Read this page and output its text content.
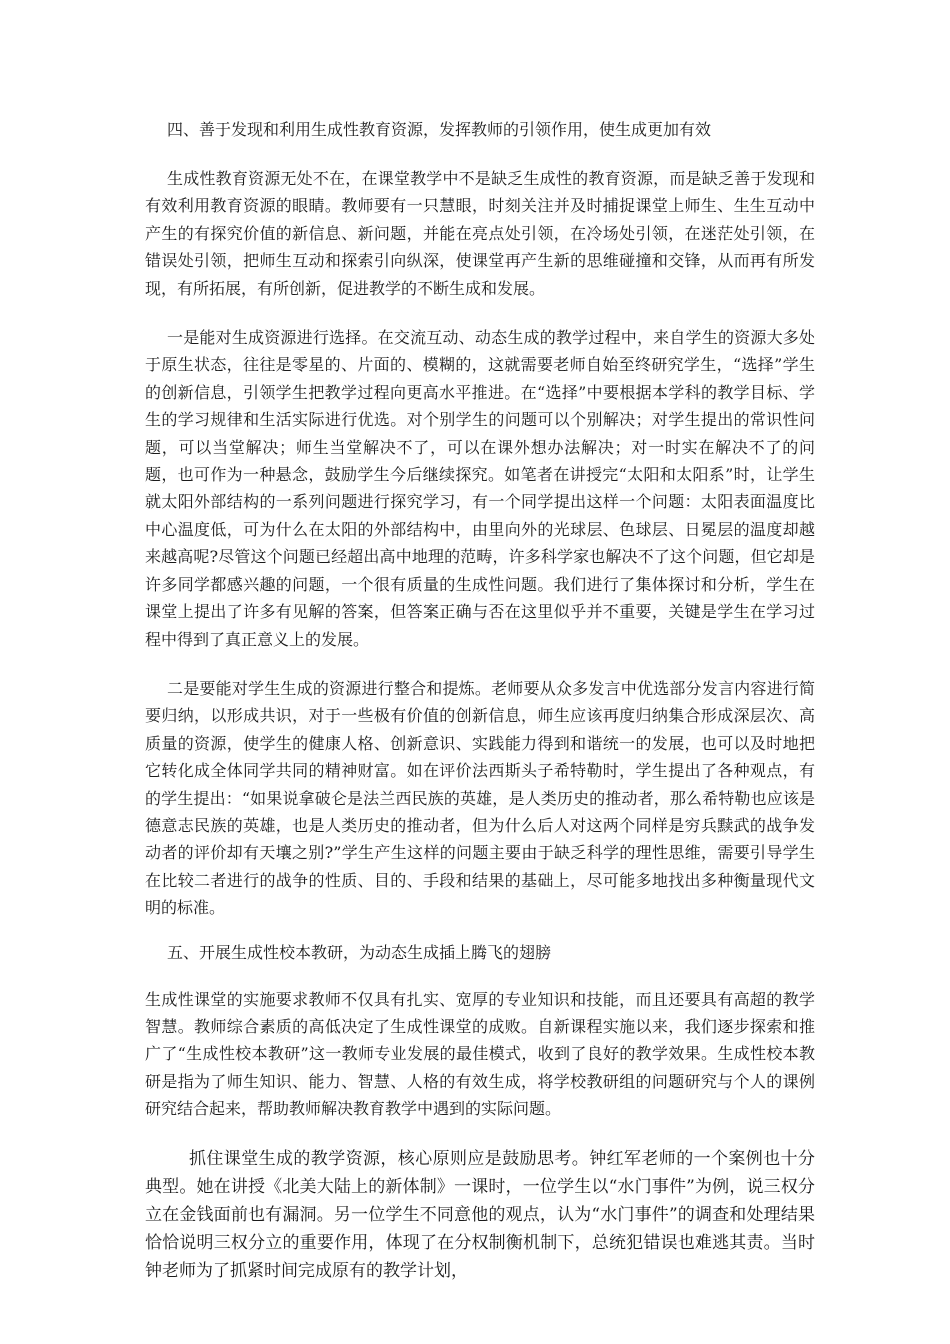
四、善于发现和利用生成性教育资源，发挥教师的引领作用，使生成更加有效

生成性教育资源无处不在，在课堂教学中不是缺乏生成性的教育资源，而是缺乏善于发现和有效利用教育资源的眼睛。教师要有一只慧眼，时刻关注并及时捕捉课堂上师生、生生互动中产生的有探究价值的新信息、新问题，并能在亮点处引领，在冷场处引领，在迷茫处引领，在错误处引领，把师生互动和探索引向纵深，使课堂再产生新的思维碰撞和交锋，从而再有所发现，有所拓展，有所创新，促进教学的不断生成和发展。

一是能对生成资源进行选择。在交流互动、动态生成的教学过程中，来自学生的资源大多处于原生状态，往往是零星的、片面的、模糊的，这就需要老师自始至终研究学生，“选择”学生的创新信息，引领学生把教学过程向更高水平推进。在“选择”中要根据本学科的教学目标、学生的学习规律和生活实际进行优选。对个别学生的问题可以个别解决；对学生提出的常识性问题，可以当堂解决；师生当堂解决不了，可以在课外想办法解决；对一时实在解决不了的问题，也可作为一种悬念，鼓励学生今后继续探究。如笔者在讲授完“太阳和太阳系”时，让学生就太阳外部结构的一系列问题进行探究学习，有一个同学提出这样一个问题：太阳表面温度比中心温度低，可为什么在太阳的外部结构中，由里向外的光球层、色球层、日冕层的温度却越来越高呢?尽管这个问题已经超出高中地理的范畴，许多科学家也解决不了这个问题，但它却是许多同学都感兴趣的问题，一个很有质量的生成性问题。我们进行了集体探讨和分析，学生在课堂上提出了许多有见解的答案，但答案正确与否在这里似乎并不重要，关键是学生在学习过程中得到了真正意义上的发展。

二是要能对学生生成的资源进行整合和提炼。老师要从众多发言中优选部分发言内容进行简要归纳，以形成共识，对于一些极有价值的创新信息，师生应该再度归纳集合形成深层次、高质量的资源，使学生的健康人格、创新意识、实践能力得到和谐统一的发展，也可以及时地把它转化成全体同学共同的精神财富。如在评价法西斯头子希特勒时，学生提出了各种观点，有的学生提出：“如果说拿破仑是法兰西民族的英雄，是人类历史的推动者，那么希特勒也应该是德意志民族的英雄，也是人类历史的推动者，但为什么后人对这两个同样是穷兵黩武的战争发动者的评价却有天壤之别?”学生产生这样的问题主要由于缺乏科学的理性思维，需要引导学生在比较二者进行的战争的性质、目的、手段和结果的基础上，尽可能多地找出多种衡量现代文明的标准。

五、开展生成性校本教研，为动态生成插上腾飞的翅膀

生成性课堂的实施要求教师不仅具有扎实、宽厚的专业知识和技能，而且还要具有高超的教学智慧。教师综合素质的高低决定了生成性课堂的成败。自新课程实施以来，我们逐步探索和推广了“生成性校本教研”这一教师专业发展的最佳模式，收到了良好的教学效果。生成性校本教研是指为了师生知识、能力、智慧、人格的有效生成，将学校教研组的问题研究与个人的课例研究结合起来，帮助教师解决教育教学中遇到的实际问题。

抓住课堂生成的教学资源，核心原则应是鼓励思考。钟红军老师的一个案例也十分典型。她在讲授《北美大陆上的新体制》一课时，一位学生以“水门事件”为例，说三权分立在金钱面前也有漏洞。另一位学生不同意他的观点，认为“水门事件”的调查和处理结果恰恰说明三权分立的重要作用，体现了在分权制衡机制下，总统犯错误也难逃其责。当时钟老师为了抓紧时间完成原有的教学计划，
